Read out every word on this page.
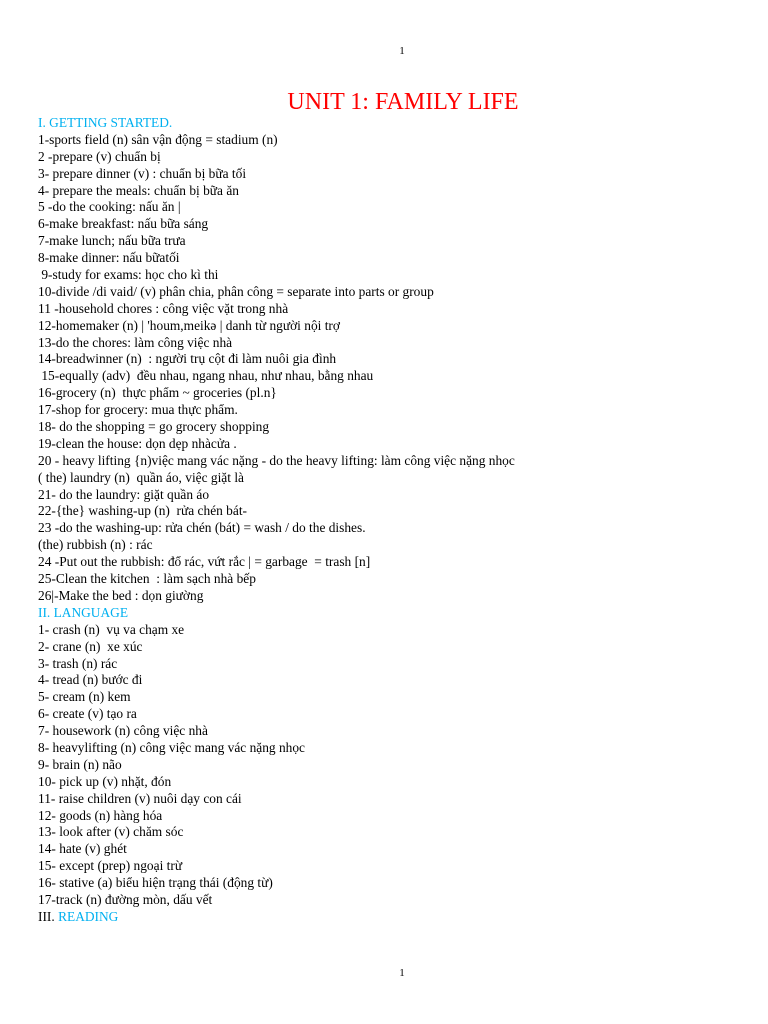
1
UNIT 1: FAMILY LIFE
I. GETTING STARTED.
1-sports field (n) sân vận động = stadium (n)
2 -prepare (v) chuẩn bị
3- prepare dinner (v) : chuẩn bị bữa tối
4- prepare the meals: chuẩn bị bữa ăn
5 -do the cooking: nấu ăn |
6-make breakfast: nấu bữa sáng
7-make lunch; nấu bữa trưa
8-make dinner: nấu bữatối
9-study for exams: học cho kì thi
10-divide /di vaid/ (v) phân chia, phân công = separate into parts or group
11 -household chores : công việc vặt trong nhà
12-homemaker (n) | 'houm,meikə | danh từ người nội trợ
13-do the chores: làm công việc nhà
14-breadwinner (n)  : người trụ cột đi làm nuôi gia đình
15-equally (adv)  đều nhau, ngang nhau, như nhau, bằng nhau
16-grocery (n)  thực phẩm ~ groceries (pl.n}
17-shop for grocery: mua thực phẩm.
18- do the shopping = go grocery shopping
19-clean the house: dọn dẹp nhàcửa .
20 - heavy lifting {n)việc mang vác nặng - do the heavy lifting: làm công việc nặng nhọc
( the) laundry (n)  quần áo, việc giặt là
21- do the laundry: giặt quần áo
22-{the} washing-up (n)  rửa chén bát-
23 -do the washing-up: rửa chén (bát) = wash / do the dishes.
(the) rubbish (n) : rác
24 -Put out the rubbish: đổ rác, vứt rắc | = garbage  = trash [n]
25-Clean the kitchen  : làm sạch nhà bếp
26|-Make the bed : dọn giường
II. LANGUAGE
1- crash (n)  vụ va chạm xe
2- crane (n)  xe xúc
3- trash (n) rác
4- tread (n) bước đi
5- cream (n) kem
6- create (v) tạo ra
7- housework (n) công việc nhà
8- heavylifting (n) công việc mang vác nặng nhọc
9- brain (n) não
10- pick up (v) nhặt, đón
11- raise children (v) nuôi dạy con cái
12- goods (n) hàng hóa
13- look after (v) chăm sóc
14- hate (v) ghét
15- except (prep) ngoại trừ
16- stative (a) biểu hiện trạng thái (động từ)
17-track (n) đường mòn, dấu vết
III. READING
1
